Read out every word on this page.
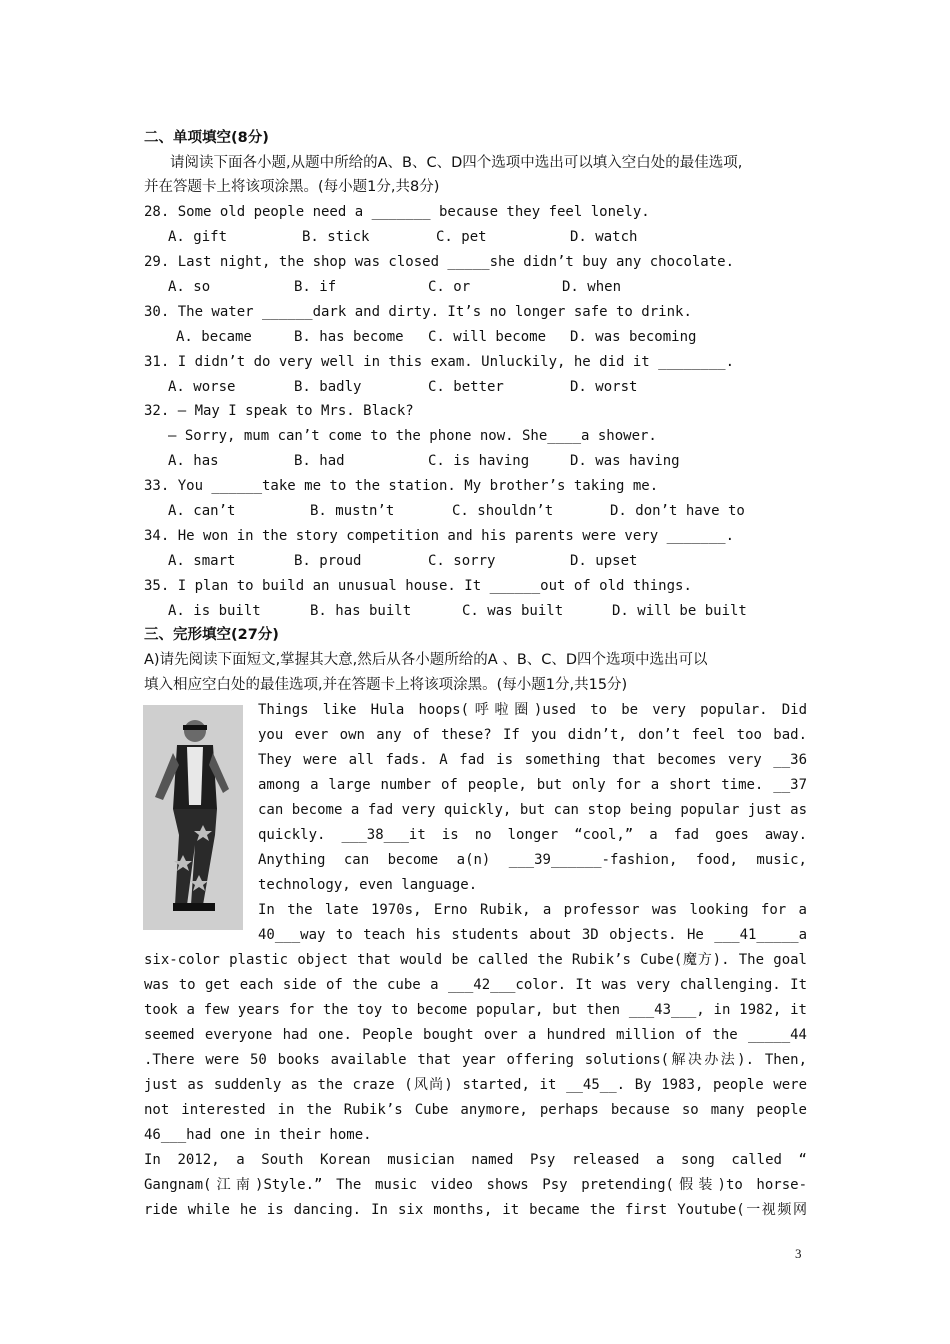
二、单项填空(8分)
请阅读下面各小题,从题中所给的A、B、C、D四个选项中选出可以填入空白处的最佳选项,
并在答题卡上将该项涂黑。(每小题1分,共8分)
28. Some old people need a _______ because they feel lonely.
A. gift	B. stick	C. pet	D. watch
29. Last night, the shop was closed _____she didn’t buy any chocolate.
A. so	B. if	C. or	D. when
30. The water ______dark and dirty. It’s no longer safe to drink.
A. became	B. has become C. will become D. was becoming
31. I didn’t do very well in this exam. Unluckily, he did it ________.
A. worse	B. badly	C. better	D. worst
32. — May I speak to Mrs. Black?
— Sorry, mum can’t come to the phone now. She____a shower.
A. has	B. had	C. is having	D. was having
33. You ______take me to the station. My brother’s taking me.
A. can’t	B. mustn’t	C. shouldn’t	D. don’t have to
34. He won in the story competition and his parents were very _______.
A. smart	B. proud	C. sorry	D. upset
35. I plan to build an unusual house. It ______out of old things.
A. is built	B. has built	C. was built	D. will be built
三、完形填空(27分)
A)请先阅读下面短文,掌握其大意,然后从各小题所给的A 、B、C、D四个选项中选出可以
填入相应空白处的最佳选项,并在答题卡上将该项涂黑。(每小题1分,共15分)
Things like Hula hoops(呼啦圈)used to be very popular. Did
you ever own any of these? If you didn’t, don’t feel too bad.
They were all fads. A fad is something that becomes very __36
among a large number of people, but only for a short time. __37
can become a fad very quickly, but can stop being popular just as
quickly. ___38___it is no longer “cool,” a fad goes away.
Anything can become a(n) ___39______-fashion, food, music,
technology, even language.
In the late 1970s, Erno Rubik, a professor was looking for a
40___way to teach his students about 3D objects. He ___41_____a
six-color plastic object that would be called the Rubik’s Cube(魔方). The goal
was to get each side of the cube a ___42___color. It was very challenging. It
took a few years for the toy to become popular, but then ___43___, in 1982, it
seemed everyone had one. People bought over a hundred million of the _____44
.There were 50 books available that year offering solutions(解决办法). Then,
just as suddenly as the craze (风尚) started, it __45__. By 1983, people were
not interested in the Rubik’s Cube anymore, perhaps because so many people
46___had one in their home.
In 2012, a South Korean musician named Psy released a song called “
Gangnam(江南)Style.” The music video shows Psy pretending(假装)to horse-
ride while he is dancing. In six months, it became the first Youtube(一视频网
3
